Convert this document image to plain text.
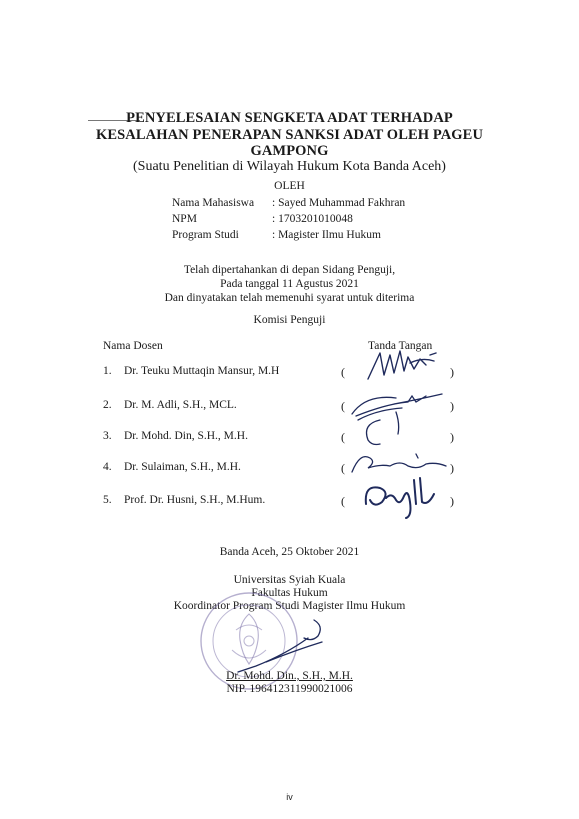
PENYELESAIAN SENGKETA ADAT TERHADAP
KESALAHAN PENERAPAN SANKSI ADAT OLEH PAGEU
GAMPONG
(Suatu Penelitian di Wilayah Hukum Kota Banda Aceh)
OLEH
Nama Mahasiswa : Sayed Muhammad Fakhran
NPM	: 1703201010048
Program Studi	: Magister Ilmu Hukum
Telah dipertahankan di depan Sidang Penguji,
Pada tanggal 11 Agustus 2021
Dan dinyatakan telah memenuhi syarat untuk diterima
Komisi Penguji
Nama Dosen	Tanda Tangan
1. Dr. Teuku Muttaqin Mansur, M.H	(	)
2. Dr. M. Adli, S.H., MCL.	(	)
3. Dr. Mohd. Din, S.H., M.H.	(	)
4. Dr. Sulaiman, S.H., M.H.	(	)
5. Prof. Dr. Husni, S.H., M.Hum.	(	)
Banda Aceh, 25 Oktober 2021
Universitas Syiah Kuala
Fakultas Hukum
Koordinator Program Studi Magister Ilmu Hukum
Dr. Mohd. Din., S.H., M.H.
NIP. 196412311990021006
iv
